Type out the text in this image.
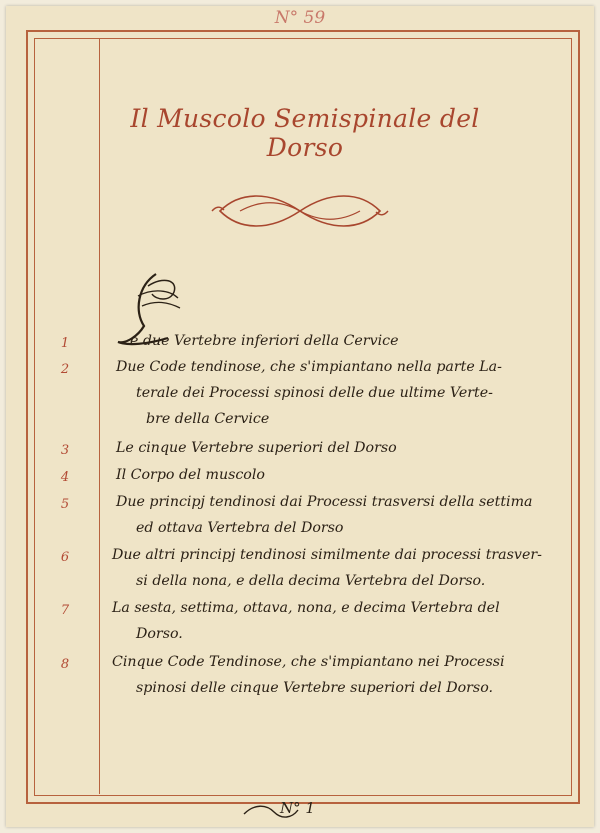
N° 59
Il Muscolo Semispinale del Dorso
1	e due Vertebre inferiori della Cervice
2	Due Code tendinose, che s'impiantano nella parte La-
terale dei Processi spinosi delle due ultime Verte-
bre della Cervice
3	Le cinque Vertebre superiori del Dorso
4	Il Corpo del muscolo
5	Due principj tendinosi dai Processi trasversi della settima
ed ottava Vertebra del Dorso
6	Due altri principj tendinosi similmente dai processi trasver-
si della nona, e della decima Vertebra del Dorso.
7	La sesta, settima, ottava, nona, e decima Vertebra del
Dorso.
8	Cinque Code Tendinose, che s'impiantano nei Processi
spinosi delle cinque Vertebre superiori del Dorso.
N° 1
